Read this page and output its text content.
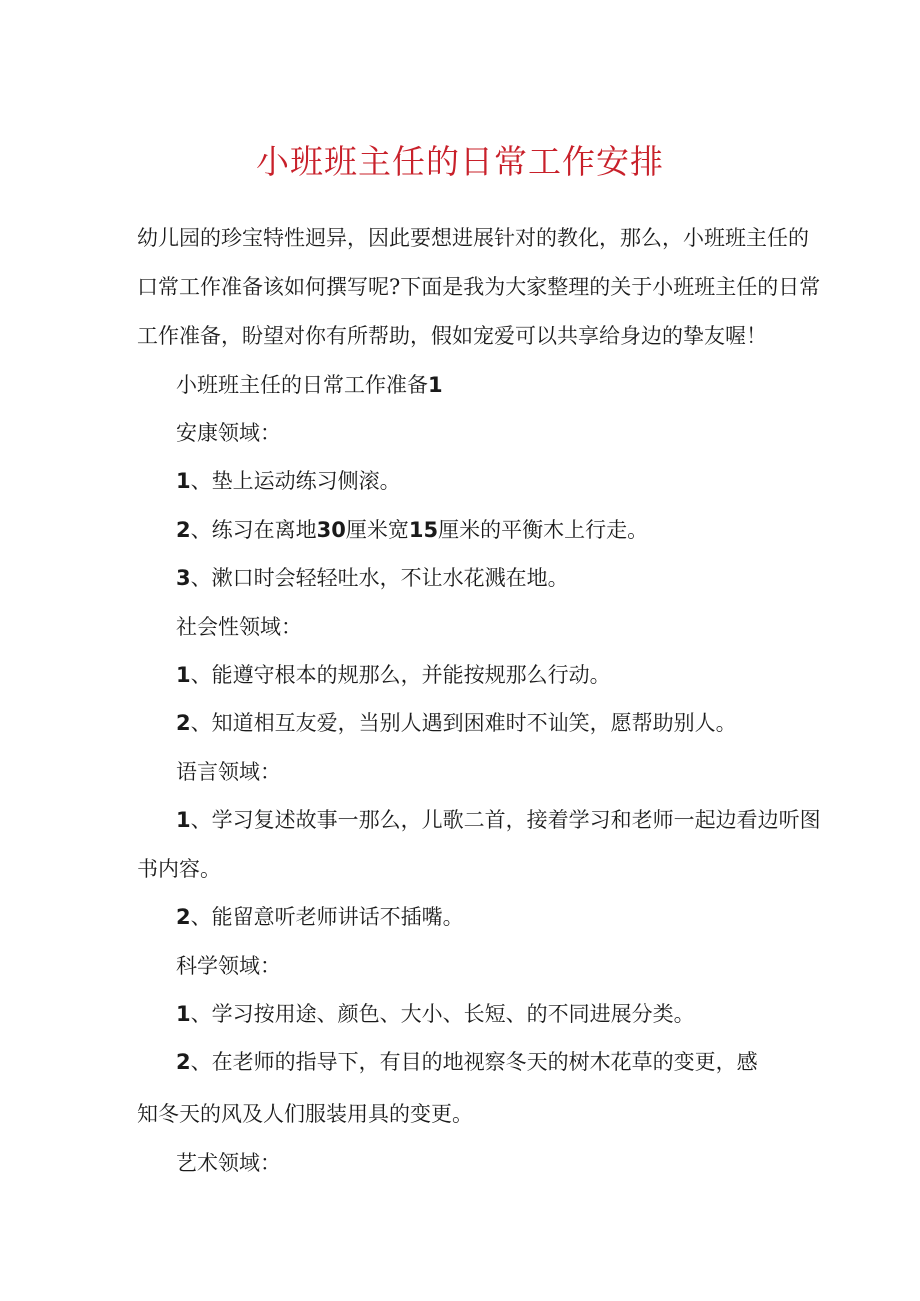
小班班主任的日常工作安排

幼儿园的珍宝特性迥异，因此要想进展针对的教化，那么，小班班主任的

口常工作准备该如何撰写呢?下面是我为大家整理的关于小班班主任的日常

工作准备，盼望对你有所帮助，假如宠爱可以共享给身边的挚友喔！

小班班主任的日常工作准备1

安康领域：

1、垫上运动练习侧滚。

2、练习在离地30厘米宽15厘米的平衡木上行走。

3、漱口时会轻轻吐水，不让水花溅在地。

社会性领域：

1、能遵守根本的规那么，并能按规那么行动。

2、知道相互友爱，当别人遇到困难时不讪笑，愿帮助别人。

语言领域：

1、学习复述故事一那么，儿歌二首，接着学习和老师一起边看边听图

书内容。

2、能留意听老师讲话不插嘴。

科学领域：

1、学习按用途、颜色、大小、长短、的不同进展分类。

2、在老师的指导下，有目的地视察冬天的树木花草的变更，感

知冬天的风及人们服装用具的变更。

艺术领域：
